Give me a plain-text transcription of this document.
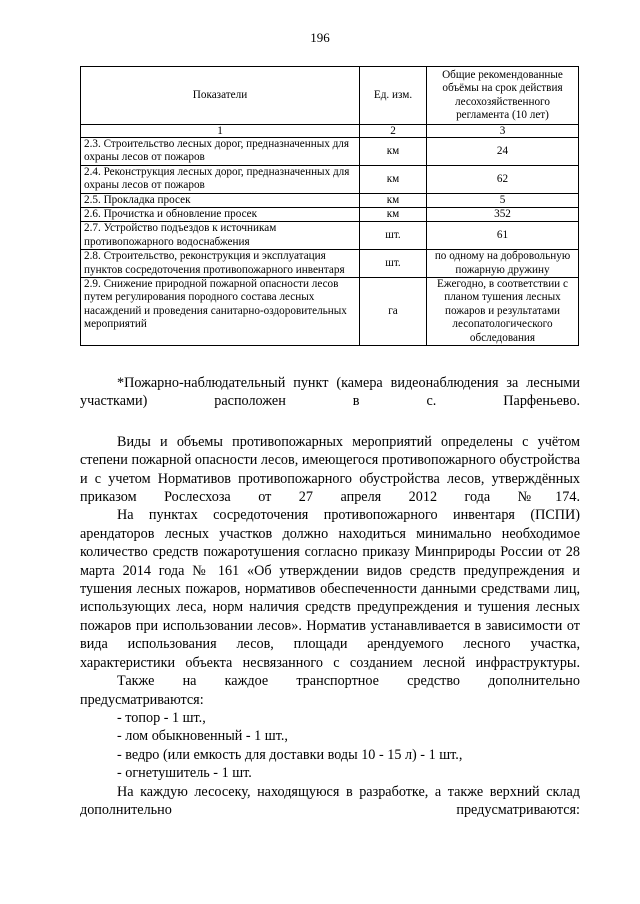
196
Показатели	Ед. изм.	Общие рекомендованные объёмы на срок действия лесохозяйственного регламента (10 лет)
1	2	3
2.3. Строительство лесных дорог, предназначенных для охраны лесов от пожаров	км	24
2.4. Реконструкция лесных дорог, предназначенных для охраны лесов от пожаров	км	62
2.5. Прокладка просек	км	5
2.6. Прочистка и обновление просек	км	352
2.7. Устройство подъездов к источникам противопожарного водоснабжения	шт.	61
2.8. Строительство, реконструкция и эксплуатация пунктов сосредоточения противопожарного инвентаря	шт.	по одному на добровольную пожарную дружину
2.9. Снижение природной пожарной опасности лесов путем регулирования породного состава лесных насаждений и проведения санитарно-оздоровительных мероприятий	га	Ежегодно, в соответствии с планом тушения лесных пожаров и результатами лесопатологического обследования

*Пожарно-наблюдательный пункт (камера видеонаблюдения за лесными участками) расположен в с. Парфеньево.

Виды и объемы противопожарных мероприятий определены с учётом степени пожарной опасности лесов, имеющегося противопожарного обустройства и с учетом Нормативов противопожарного обустройства лесов, утверждённых приказом Рослесхоза от 27 апреля 2012 года №174.

На пунктах сосредоточения противопожарного инвентаря (ПСПИ) арендаторов лесных участков должно находиться минимально необходимое количество средств пожаротушения согласно приказу Минприроды России от 28 марта 2014 года № 161 «Об утверждении видов средств предупреждения и тушения лесных пожаров, нормативов обеспеченности данными средствами лиц, использующих леса, норм наличия средств предупреждения и тушения лесных пожаров при использовании лесов». Норматив устанавливается в зависимости от вида использования лесов, площади арендуемого лесного участка, характеристики объекта несвязанного с созданием лесной инфраструктуры.

Также на каждое транспортное средство дополнительно предусматриваются:

- топор - 1 шт.,

- лом обыкновенный - 1 шт.,

- ведро (или емкость для доставки воды 10 - 15 л) - 1 шт.,

- огнетушитель - 1 шт.

На каждую лесосеку, находящуюся в разработке, а также верхний склад дополнительно предусматриваются:
